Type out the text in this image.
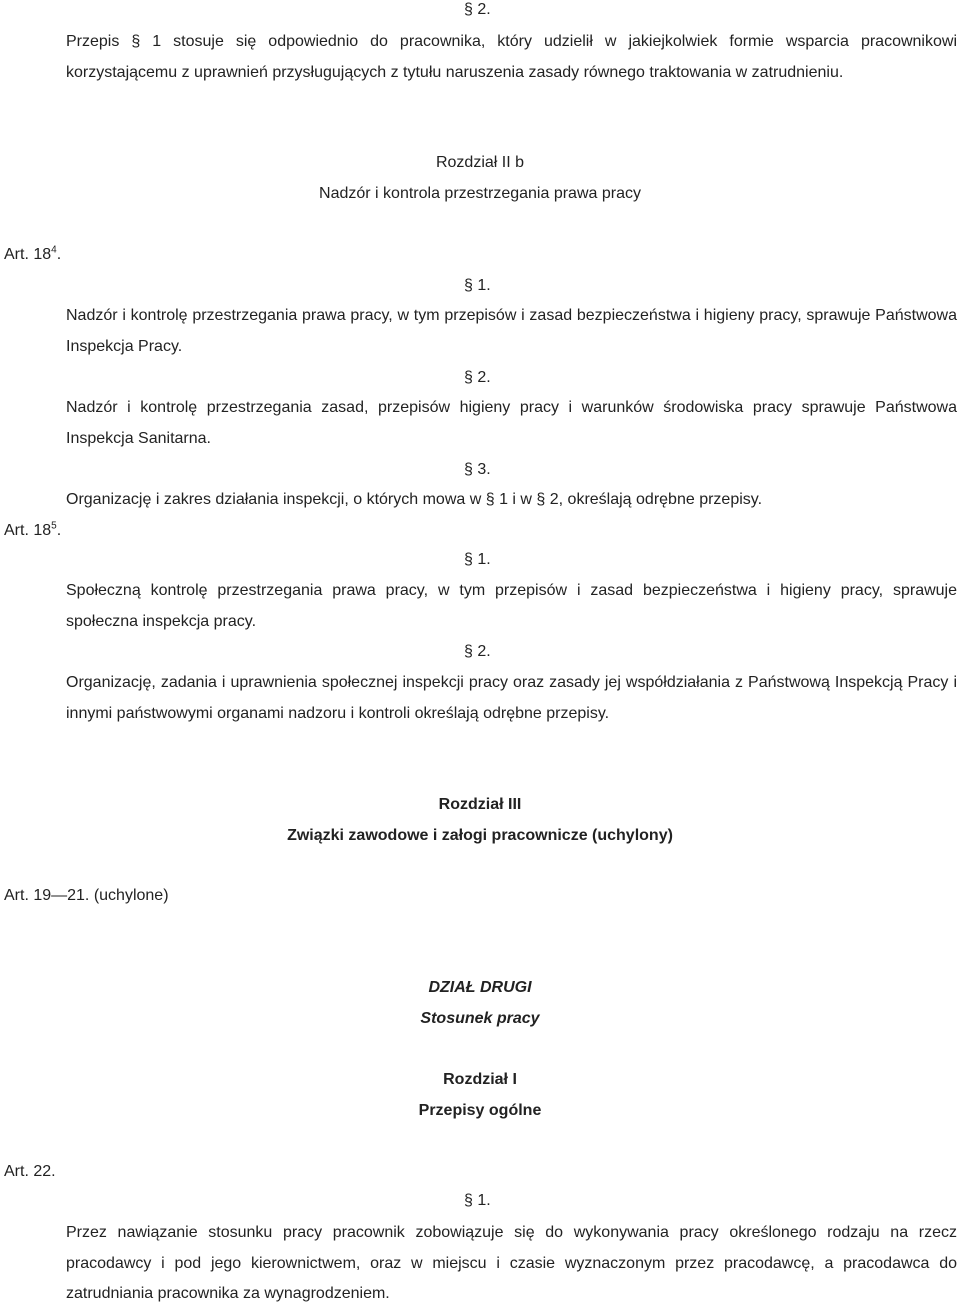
§ 2.
Przepis § 1 stosuje się odpowiednio do pracownika, który udzielił w jakiejkolwiek formie wsparcia pracownikowi korzystającemu z uprawnień przysługujących z tytułu naruszenia zasady równego traktowania w zatrudnieniu.
Rozdział II b
Nadzór i kontrola przestrzegania prawa pracy
Art. $18^4$.
§ 1.
Nadzór i kontrolę przestrzegania prawa pracy, w tym przepisów i zasad bezpieczeństwa i higieny pracy, sprawuje Państwowa Inspekcja Pracy.
§ 2.
Nadzór i kontrolę przestrzegania zasad, przepisów higieny pracy i warunków środowiska pracy sprawuje Państwowa Inspekcja Sanitarna.
§ 3.
Organizację i zakres działania inspekcji, o których mowa w § 1 i w § 2, określają odrębne przepisy.
Art. $18^5$.
§ 1.
Społeczną kontrolę przestrzegania prawa pracy, w tym przepisów i zasad bezpieczeństwa i higieny pracy, sprawuje społeczna inspekcja pracy.
§ 2.
Organizację, zadania i uprawnienia społecznej inspekcji pracy oraz zasady jej współdziałania z Państwową Inspekcją Pracy i innymi państwowymi organami nadzoru i kontroli określają odrębne przepisy.
Rozdział III
Związki zawodowe i załogi pracownicze (uchylony)
Art. 19—21. (uchylone)
DZIAŁ DRUGI
Stosunek pracy
Rozdział I
Przepisy ogólne
Art. 22.
§ 1.
Przez nawiązanie stosunku pracy pracownik zobowiązuje się do wykonywania pracy określonego rodzaju na rzecz pracodawcy i pod jego kierownictwem, oraz w miejscu i czasie wyznaczonym przez pracodawcę, a pracodawca do zatrudniania pracownika za wynagrodzeniem.
